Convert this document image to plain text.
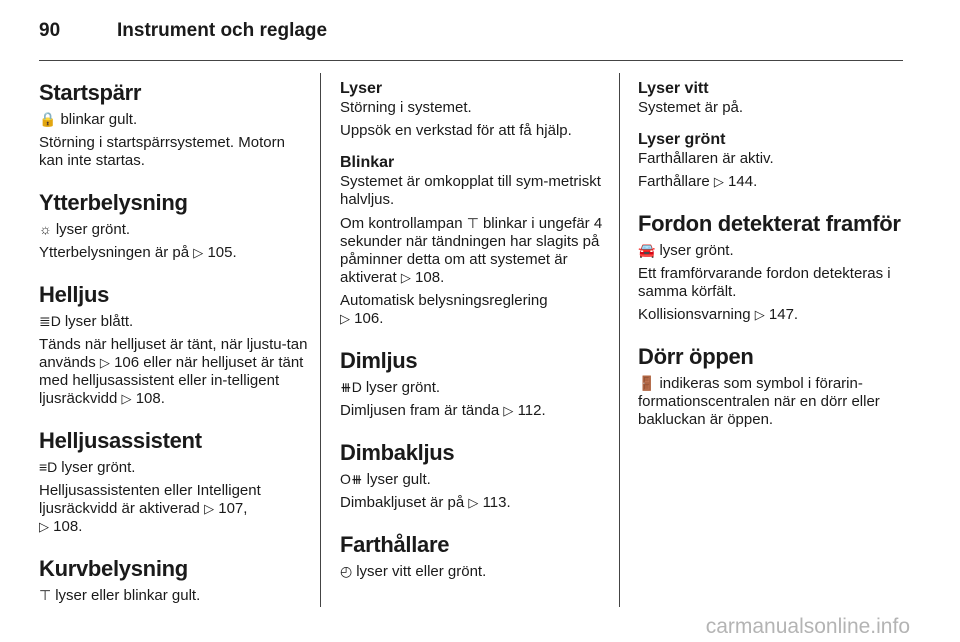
90	Instrument och reglage
Startspärr

🔒 blinkar gult.

Störning i startspärrsystemet. Motorn kan inte startas.

Ytterbelysning

☼ lyser grönt.

Ytterbelysningen är på ▷ 105.

Helljus

≣D lyser blått.

Tänds när helljuset är tänt, när ljustu-tan används ▷ 106 eller när helljuset är tänt med helljusassistent eller in-telligent ljusräckvidd ▷ 108.

Helljusassistent

≡D lyser grönt.

Helljusassistenten eller Intelligent ljusräckvidd är aktiverad ▷ 107,
▷ 108.

Kurvbelysning

⊤ lyser eller blinkar gult.

Lyser

Störning i systemet.

Uppsök en verkstad för att få hjälp.

Blinkar

Systemet är omkopplat till sym-metriskt halvljus.

Om kontrollampan ⊤ blinkar i ungefär 4 sekunder när tändningen har slagits på påminner detta om att systemet är aktiverat ▷ 108.

Automatisk belysningsreglering
▷ 106.

Dimljus

⧻D lyser grönt.

Dimljusen fram är tända ▷ 112.

Dimbakljus

O⧻ lyser gult.

Dimbakljuset är på ▷ 113.

Farthållare

◴ lyser vitt eller grönt.

Lyser vitt

Systemet är på.

Lyser grönt

Farthållaren är aktiv.

Farthållare ▷ 144.

Fordon detekterat framför

🚘 lyser grönt.

Ett framförvarande fordon detekteras i samma körfält.

Kollisionsvarning ▷ 147.

Dörr öppen

🚪 indikeras som symbol i förarin-formationscentralen när en dörr eller bakluckan är öppen.

carmanualsonline.info
